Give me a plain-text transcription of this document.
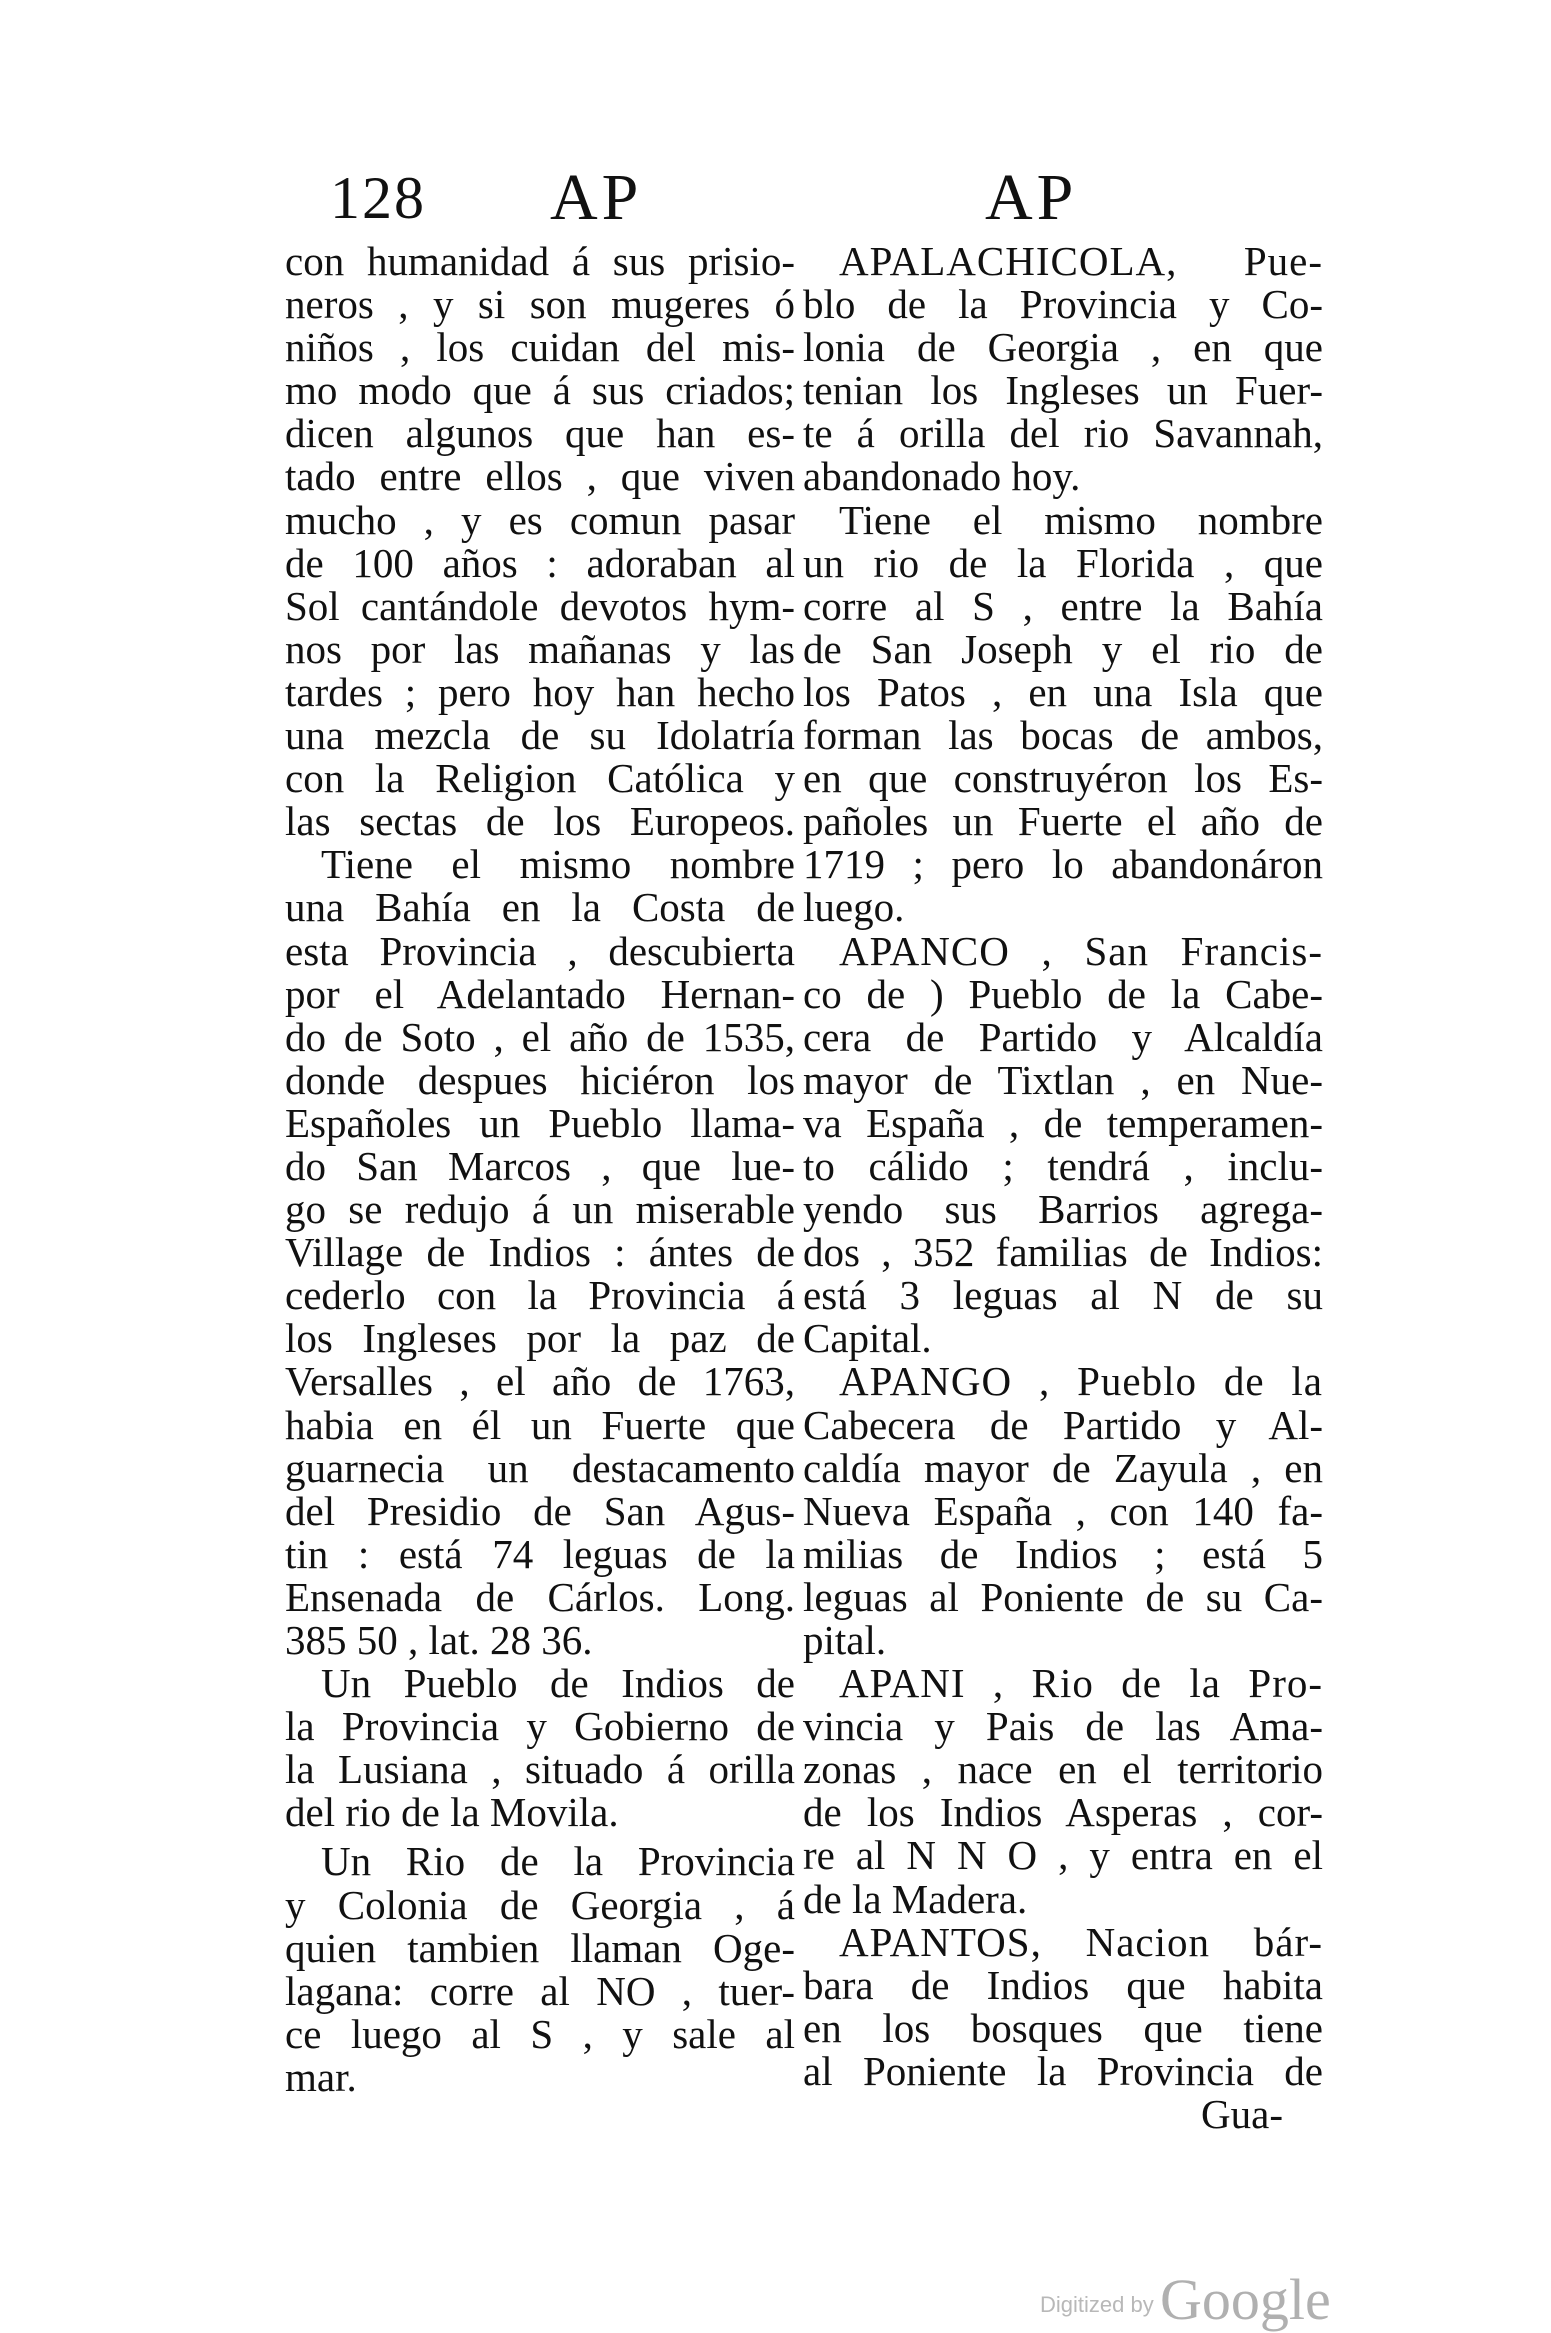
128 AP	AP
con humanidad á sus prisio-
neros , y si son mugeres ó
niños , los cuidan del mis-
mo modo que á sus criados;
dicen algunos que han es-
tado entre ellos , que viven
mucho , y es comun pasar
de 100 años : adoraban al
Sol cantándole devotos hym-
nos por las mañanas y las
tardes ; pero hoy han hecho
una mezcla de su Idolatría
con la Religion Católica y
las sectas de los Europeos.
Tiene el mismo nombre
una Bahía en la Costa de
esta Provincia , descubierta
por el Adelantado Hernan-
do de Soto , el año de 1535,
donde despues hiciéron los
Españoles un Pueblo llama-
do San Marcos , que lue-
go se redujo á un miserable
Village de Indios : ántes de
cederlo con la Provincia á
los Ingleses por la paz de
Versalles , el año de 1763,
habia en él un Fuerte que
guarnecia un destacamento
del Presidio de San Agus-
tin : está 74 leguas de la
Ensenada de Cárlos. Long.
385 50 , lat. 28 36.
Un Pueblo de Indios de
la Provincia y Gobierno de
la Lusiana , situado á orilla
del rio de la Movila.
Un Rio de la Provincia
y Colonia de Georgia , á
quien tambien llaman Oge-
lagana: corre al NO , tuer-
ce luego al S , y sale al
mar.
APALACHICOLA, Pue-
blo de la Provincia y Co-
lonia de Georgia , en que
tenian los Ingleses un Fuer-
te á orilla del rio Savannah,
abandonado hoy.
Tiene el mismo nombre
un rio de la Florida , que
corre al S , entre la Bahía
de San Joseph y el rio de
los Patos , en una Isla que
forman las bocas de ambos,
en que construyéron los Es-
pañoles un Fuerte el año de
1719 ; pero lo abandonáron
luego.
APANCO , San Francis-
co de ) Pueblo de la Cabe-
cera de Partido y Alcaldía
mayor de Tixtlan , en Nue-
va España , de temperamen-
to cálido ; tendrá , inclu-
yendo sus Barrios agrega-
dos , 352 familias de Indios:
está 3 leguas al N de su
Capital.
APANGO , Pueblo de la
Cabecera de Partido y Al-
caldía mayor de Zayula , en
Nueva España , con 140 fa-
milias de Indios ; está 5
leguas al Poniente de su Ca-
pital.
APANI , Rio de la Pro-
vincia y Pais de las Ama-
zonas , nace en el territorio
de los Indios Asperas , cor-
re al N N O , y entra en el
de la Madera.
APANTOS, Nacion bár-
bara de Indios que habita
en los bosques que tiene
al Poniente la Provincia de
Gua-
Digitized by Google
